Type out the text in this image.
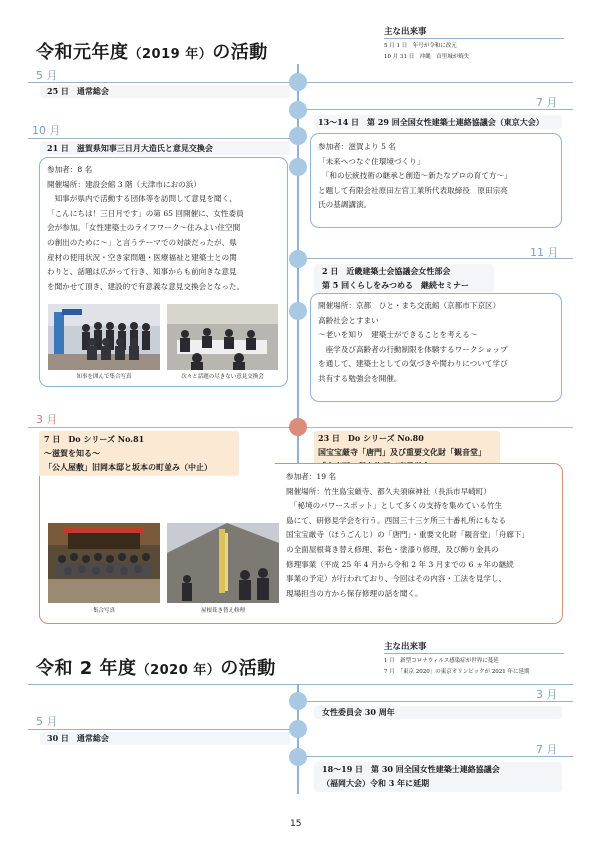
令和元年度（2019 年）の活動
主な出来事
5 月 1 日　年号が令和に改元
10 月 31 日　沖縄　首里城が焼失
5 月
25 日　通常総会
7 月
13～14 日　第 29 回全国女性建築士連絡協議会（東京大会）

参加者：滋賀より 5 名

「未来へつなぐ住環境づくり」

　「和の伝統技術の継承と創造～新たなプロの育て方～」

と題して有限会社原田左官工業所代表取締役　原田宗亮

氏の基調講演。

10 月
21 日　滋賀県知事三日月大造氏と意見交換会

参加者：8 名

開催場所：建設会館 3 階（大津市におの浜）

　知事が県内で活動する団体等を訪問して意見を聞く、

「こんにちは！三日月です」の第 65 回開催に、女性委員

会が参加。「女性建築士のライフワーク～住みよい住空間

の創出のために～」と言うテーマでの対談だったが、県

産材の使用状況・空き家問題・医療福祉と建築士との関

わりと、話題は広がって行き、知事からも前向きな意見

を聞かせて頂き、建設的で有意義な意見交換会となった。

知事を囲んで集合写真	次々と話題の尽きない意見交換会
11 月
2 日　近畿建築士会協議会女性部会
第 5 回くらしをみつめる　継続セミナー

開催場所：京都　ひと・まち交流館（京都市下京区）

高齢社会とすまい

～老いを知り　建築士ができることを考える～

　座学及び高齢者の行動制限を体験するワークショップ

を通して、建築士としての気づきや関わりについて学び

共有する勉強会を開催。

3 月
7 日　Do シリーズ No.81
～滋賀を知る～
「公人屋敷」旧岡本邸と坂本の町並み（中止）
23 日　Do シリーズ No.80
国宝宝厳寺「唐門」及び重要文化財「観音堂」

参加者：19 名

開催場所：竹生島宝厳寺、都久夫須麻神社（長浜市早崎町）

　「秘境のパワースポット」として多くの支持を集めている竹生

島にて、研修見学会を行う。西国三十三ケ所三十番札所にもなる

国宝宝厳寺（ほうごんじ）の「唐門」・重要文化財「観音堂」「舟廊下」

の全面屋根葺き替え修理、彩色・塗漆り修理、及び飾り金具の

修理事業（平成 25 年 4 月から令和 2 年 3 月までの 6 ヵ年の継続

事業の予定）が行われており、今回はその内容・工法を見学し、

現場担当の方から保存修理の話を聞く。

集合写真	屋根葺き替え修理
令和 2 年度（2020 年）の活動
主な出来事
1 月　新型コロナウィルス感染症が世界に蔓延
7 月　「東京 2020」の東京オリンピックが 2021 年に延期
3 月
女性委員会 30 周年
5 月
30 日　通常総会
7 月
18～19 日　第 30 回全国女性建築士連絡協議会
（福岡大会）令和 3 年に延期
15
